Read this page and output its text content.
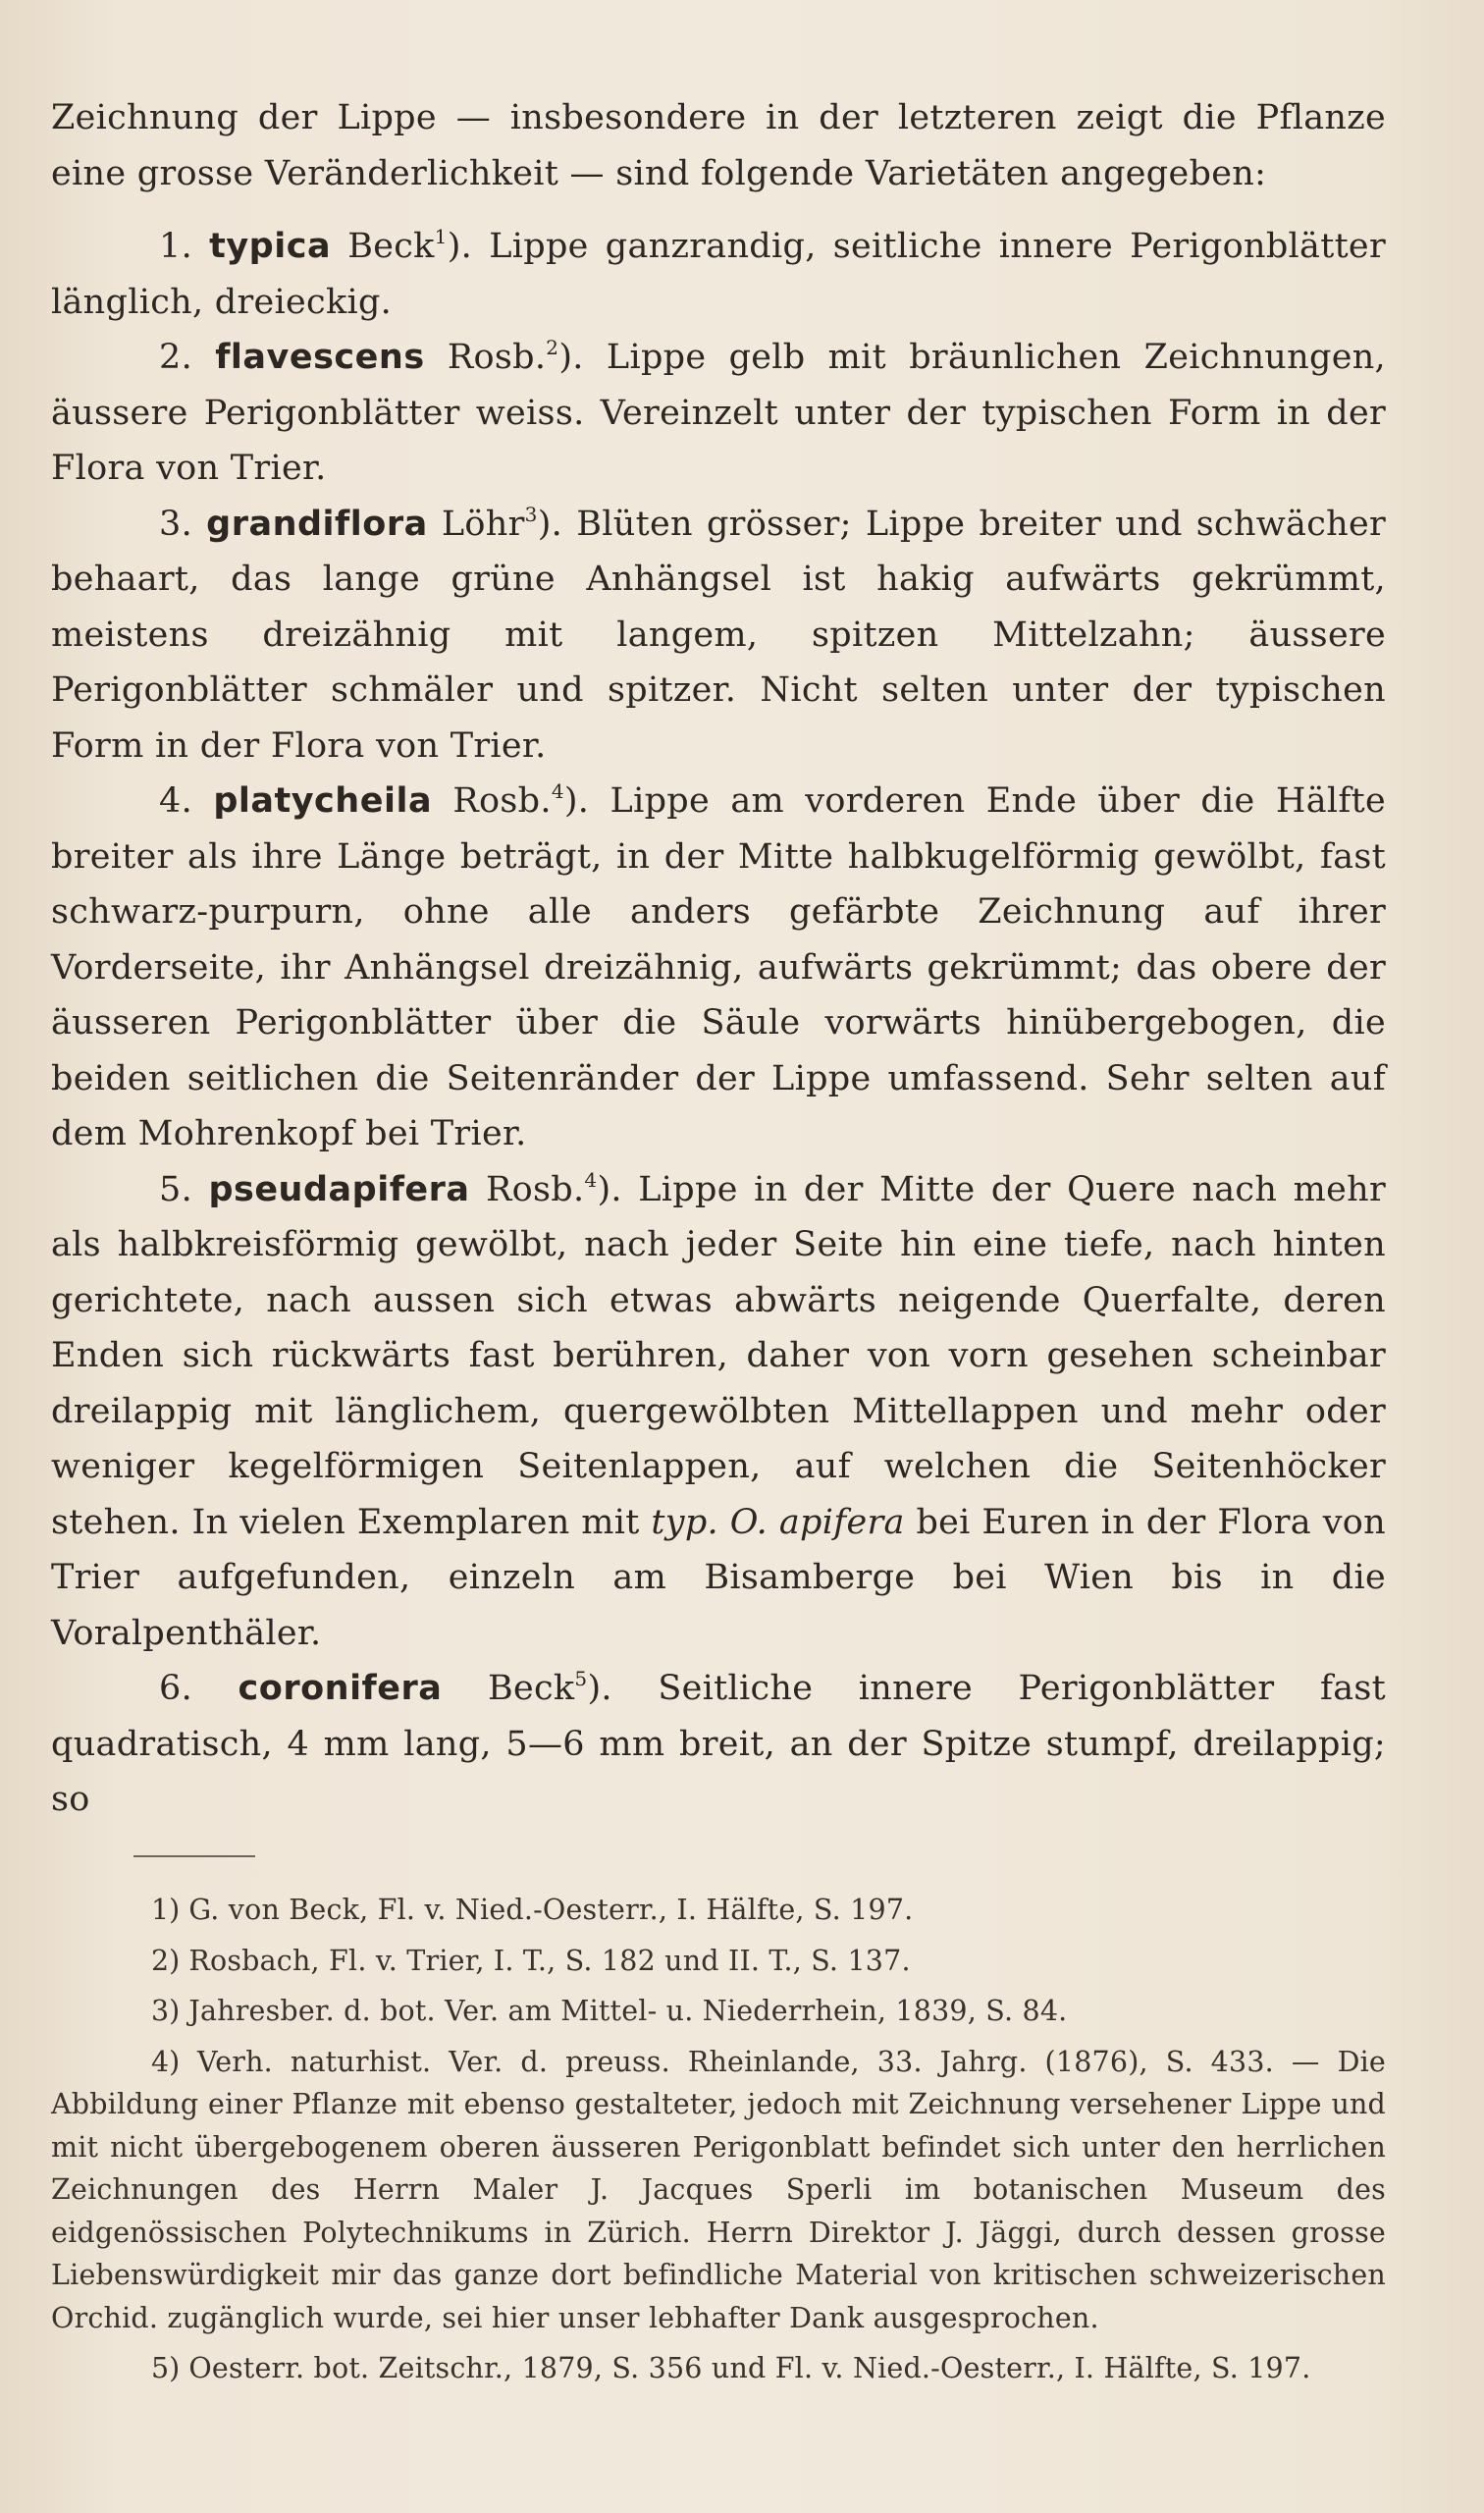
Zeichnung der Lippe — insbesondere in der letzteren zeigt die Pflanze eine grosse Veränderlichkeit — sind folgende Varietäten angegeben:

1. typica Beck$^1$). Lippe ganzrandig, seitliche innere Perigonblätter länglich, dreieckig.

2. flavescens Rosb.$^2$). Lippe gelb mit bräunlichen Zeichnungen, äussere Perigonblätter weiss. Vereinzelt unter der typischen Form in der Flora von Trier.

3. grandiflora Löhr$^3$). Blüten grösser; Lippe breiter und schwächer behaart, das lange grüne Anhängsel ist hakig aufwärts gekrümmt, meistens dreizähnig mit langem, spitzen Mittelzahn; äussere Perigonblätter schmäler und spitzer. Nicht selten unter der typischen Form in der Flora von Trier.

4. platycheila Rosb.$^4$). Lippe am vorderen Ende über die Hälfte breiter als ihre Länge beträgt, in der Mitte halbkugelförmig gewölbt, fast schwarz-purpurn, ohne alle anders gefärbte Zeichnung auf ihrer Vorderseite, ihr Anhängsel dreizähnig, aufwärts gekrümmt; das obere der äusseren Perigonblätter über die Säule vorwärts hinübergebogen, die beiden seitlichen die Seitenränder der Lippe umfassend. Sehr selten auf dem Mohrenkopf bei Trier.

5. pseudapifera Rosb.$^4$). Lippe in der Mitte der Quere nach mehr als halbkreisförmig gewölbt, nach jeder Seite hin eine tiefe, nach hinten gerichtete, nach aussen sich etwas abwärts neigende Querfalte, deren Enden sich rückwärts fast berühren, daher von vorn gesehen scheinbar dreilappig mit länglichem, quergewölbten Mittellappen und mehr oder weniger kegelförmigen Seitenlappen, auf welchen die Seitenhöcker stehen. In vielen Exemplaren mit typ. O. apifera bei Euren in der Flora von Trier aufgefunden, einzeln am Bisamberge bei Wien bis in die Voralpenthäler.

6. coronifera Beck$^5$). Seitliche innere Perigonblätter fast quadratisch, 4 mm lang, 5—6 mm breit, an der Spitze stumpf, dreilappig; so

1) G. von Beck, Fl. v. Nied.-Oesterr., I. Hälfte, S. 197.

2) Rosbach, Fl. v. Trier, I. T., S. 182 und II. T., S. 137.

3) Jahresber. d. bot. Ver. am Mittel- u. Niederrhein, 1839, S. 84.

4) Verh. naturhist. Ver. d. preuss. Rheinlande, 33. Jahrg. (1876), S. 433. — Die Abbildung einer Pflanze mit ebenso gestalteter, jedoch mit Zeichnung versehener Lippe und mit nicht übergebogenem oberen äusseren Perigonblatt befindet sich unter den herrlichen Zeichnungen des Herrn Maler J. Jacques Sperli im botanischen Museum des eidgenössischen Polytechnikums in Zürich. Herrn Direktor J. Jäggi, durch dessen grosse Liebenswürdigkeit mir das ganze dort befindliche Material von kritischen schweizerischen Orchid. zugänglich wurde, sei hier unser lebhafter Dank ausgesprochen.

5) Oesterr. bot. Zeitschr., 1879, S. 356 und Fl. v. Nied.-Oesterr., I. Hälfte, S. 197.
